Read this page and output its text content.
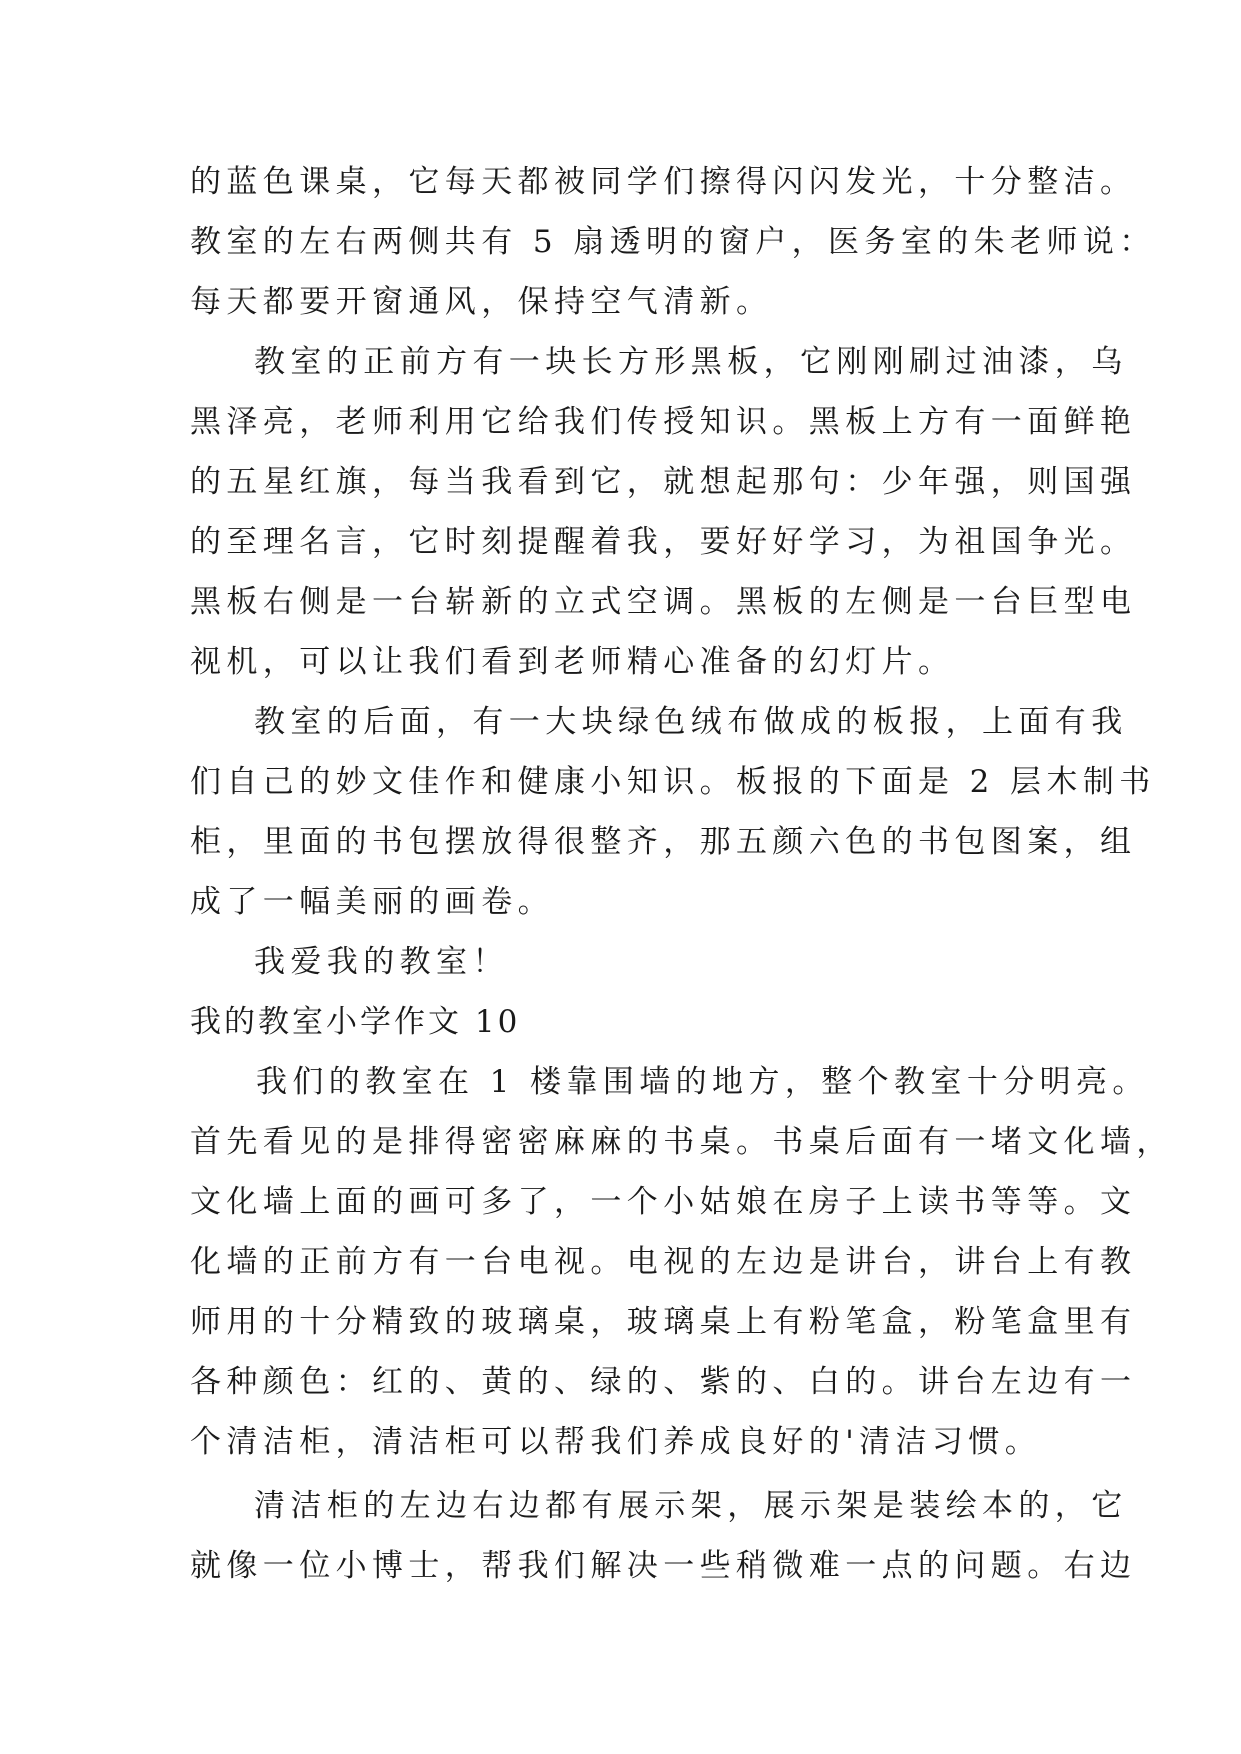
的蓝色课桌，它每天都被同学们擦得闪闪发光，十分整洁。
教室的左右两侧共有 5 扇透明的窗户，医务室的朱老师说：
每天都要开窗通风，保持空气清新。
教室的正前方有一块长方形黑板，它刚刚刷过油漆，乌
黑泽亮，老师利用它给我们传授知识。黑板上方有一面鲜艳
的五星红旗，每当我看到它，就想起那句：少年强，则国强
的至理名言，它时刻提醒着我，要好好学习，为祖国争光。
黑板右侧是一台崭新的立式空调。黑板的左侧是一台巨型电
视机，可以让我们看到老师精心准备的幻灯片。
教室的后面，有一大块绿色绒布做成的板报，上面有我
们自己的妙文佳作和健康小知识。板报的下面是 2 层木制书
柜，里面的书包摆放得很整齐，那五颜六色的书包图案，组
成了一幅美丽的画卷。
我爱我的教室！
我的教室小学作文 10
我们的教室在 1 楼靠围墙的地方，整个教室十分明亮。
首先看见的是排得密密麻麻的书桌。书桌后面有一堵文化墙，
文化墙上面的画可多了，一个小姑娘在房子上读书等等。文
化墙的正前方有一台电视。电视的左边是讲台，讲台上有教
师用的十分精致的玻璃桌，玻璃桌上有粉笔盒，粉笔盒里有
各种颜色：红的、黄的、绿的、紫的、白的。讲台左边有一
个清洁柜，清洁柜可以帮我们养成良好的'清洁习惯。
清洁柜的左边右边都有展示架，展示架是装绘本的，它
就像一位小博士，帮我们解决一些稍微难一点的问题。右边
